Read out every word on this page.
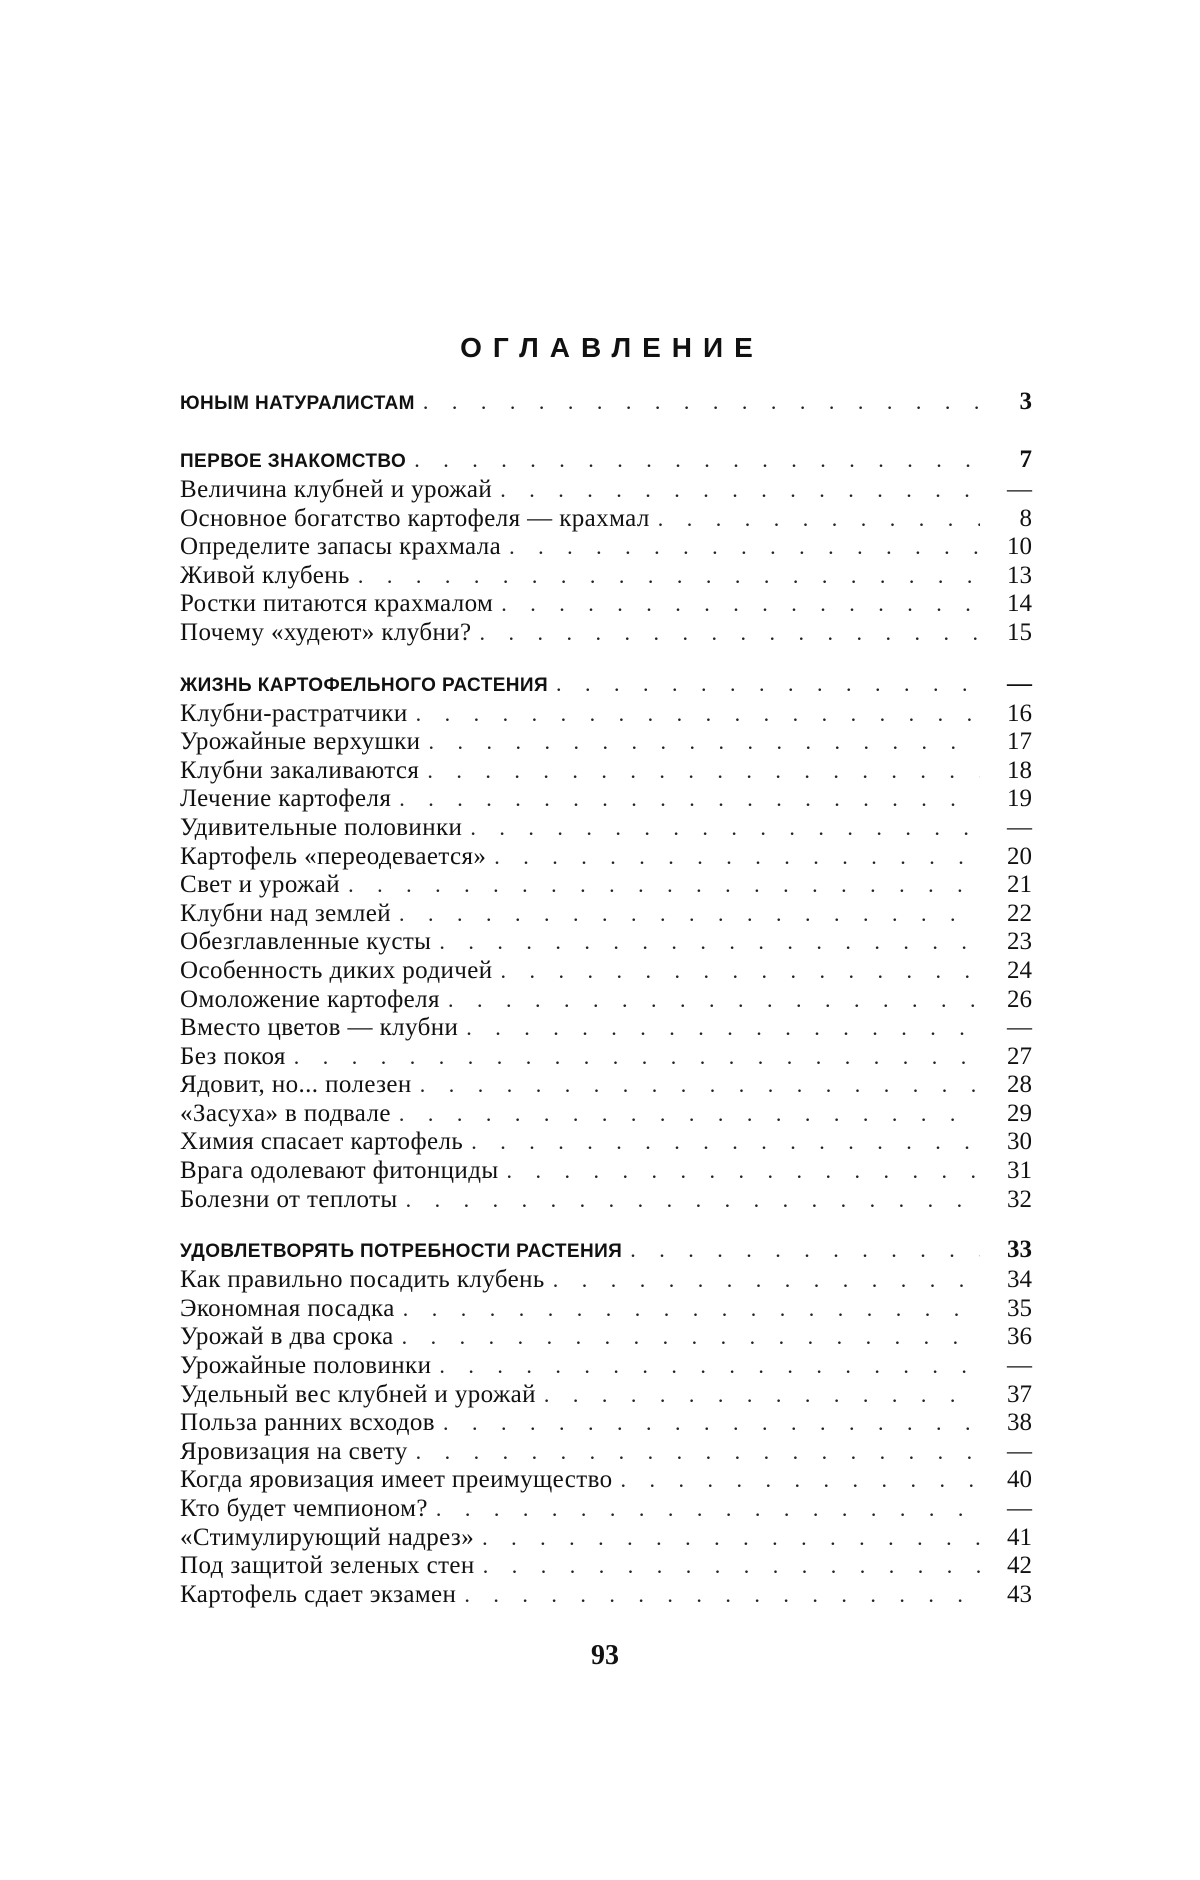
ОГЛАВЛЕНИЕ
ЮНЫМ НАТУРАЛИСТАМ
. . .	3
ПЕРВОЕ ЗНАКОМСТВО
. . .	7
Величина клубней и урожай
. . .	—
Основное богатство картофеля — крахмал
. . .	8
Определите запасы крахмала
. . .	10
Живой клубень
. . .	13
Ростки питаются крахмалом
. . .	14
Почему «худеют» клубни?
. . .	15
ЖИЗНЬ КАРТОФЕЛЬНОГО РАСТЕНИЯ
. . .	—
Клубни-растратчики
. . .	16
Урожайные верхушки
. . .	17
Клубни закаливаются
. . .	18
Лечение картофеля
. . .	19
Удивительные половинки
. . .	—
Картофель «переодевается»
. . .	20
Свет и урожай
. . .	21
Клубни над землей
. . .	22
Обезглавленные кусты
. . .	23
Особенность диких родичей
. . .	24
Омоложение картофеля
. . .	26
Вместо цветов — клубни
. . .	—
Без покоя
. . .	27
Ядовит, но... полезен
. . .	28
«Засуха» в подвале
. . .	29
Химия спасает картофель
. . .	30
Врага одолевают фитонциды
. . .	31
Болезни от теплоты
. . .	32
УДОВЛЕТВОРЯТЬ ПОТРЕБНОСТИ РАСТЕНИЯ
. . .	33
Как правильно посадить клубень
. . .	34
Экономная посадка
. . .	35
Урожай в два срока
. . .	36
Урожайные половинки
. . .	—
Удельный вес клубней и урожай
. . .	37
Польза ранних всходов
. . .	38
Яровизация на свету
. . .	—
Когда яровизация имеет преимущество
. . .	40
Кто будет чемпионом?
. . .	—
«Стимулирующий надрез»
. . .	41
Под защитой зеленых стен
. . .	42
Картофель сдает экзамен
. . .	43
93
